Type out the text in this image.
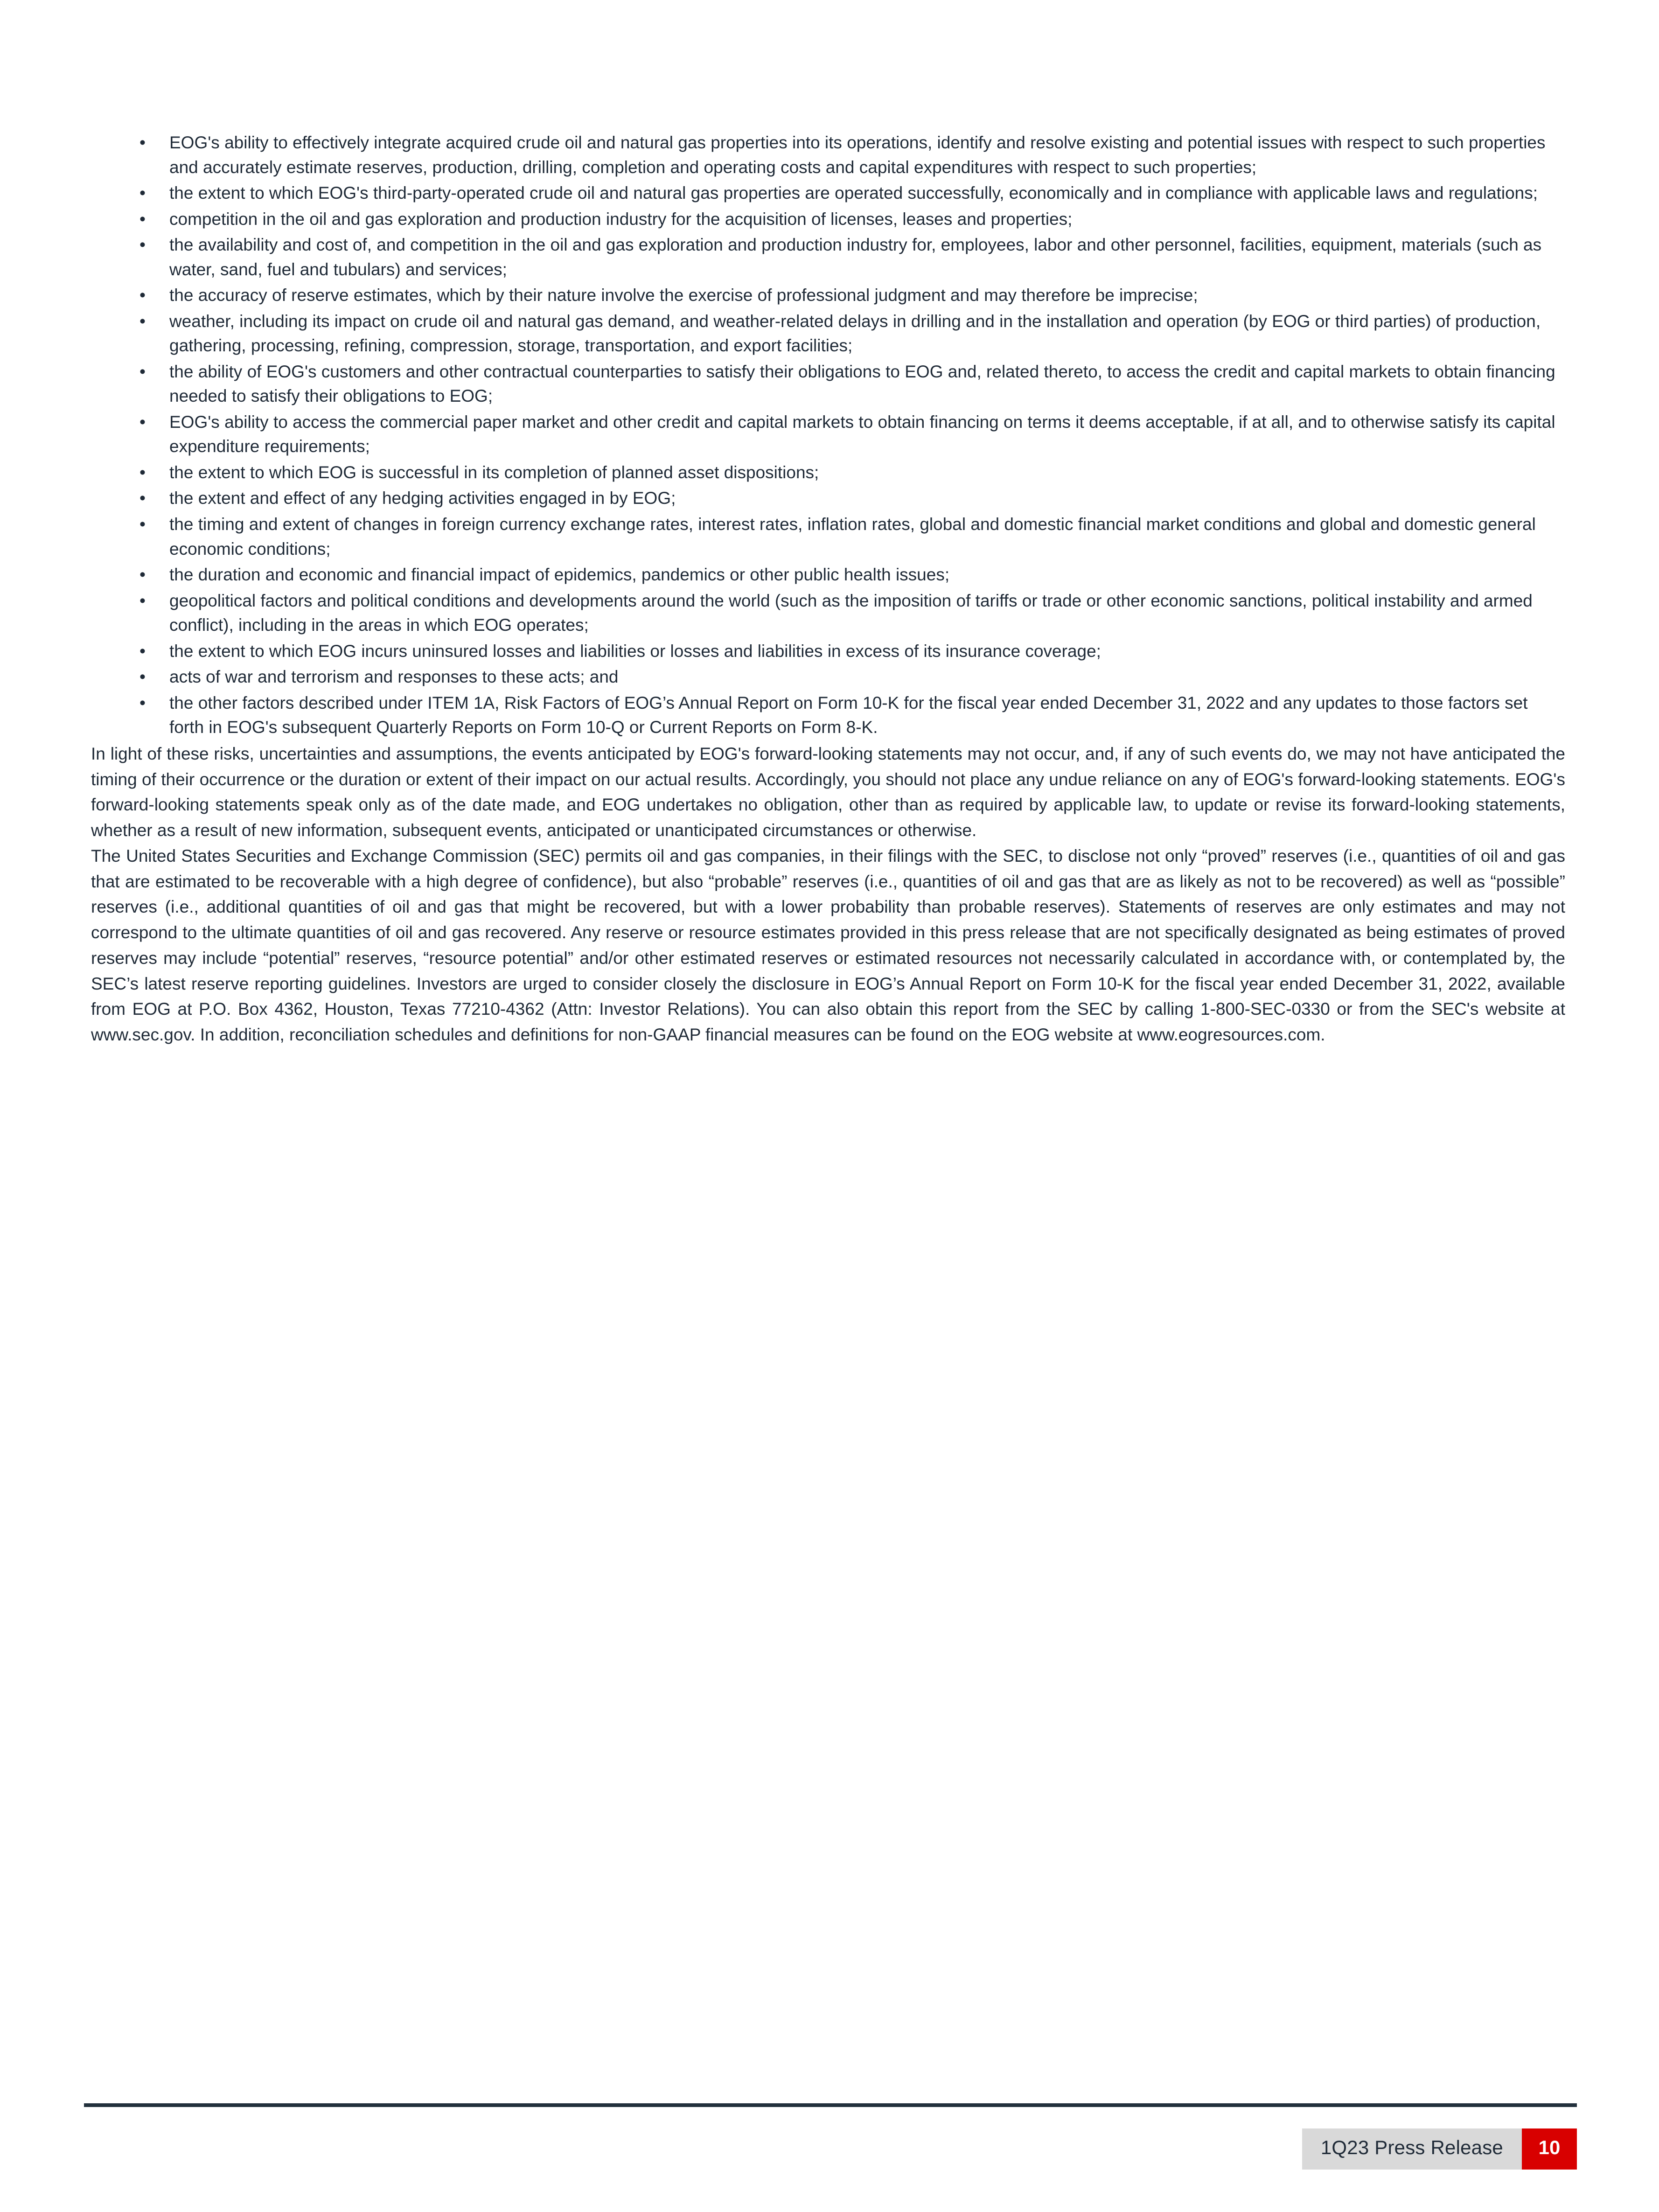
• EOG's ability to effectively integrate acquired crude oil and natural gas properties into its operations, identify and resolve existing and potential issues with respect to such properties and accurately estimate reserves, production, drilling, completion and operating costs and capital expenditures with respect to such properties;
• the extent to which EOG's third-party-operated crude oil and natural gas properties are operated successfully, economically and in compliance with applicable laws and regulations;
• competition in the oil and gas exploration and production industry for the acquisition of licenses, leases and properties;
• the availability and cost of, and competition in the oil and gas exploration and production industry for, employees, labor and other personnel, facilities, equipment, materials (such as water, sand, fuel and tubulars) and services;
• the accuracy of reserve estimates, which by their nature involve the exercise of professional judgment and may therefore be imprecise;
• weather, including its impact on crude oil and natural gas demand, and weather-related delays in drilling and in the installation and operation (by EOG or third parties) of production, gathering, processing, refining, compression, storage, transportation, and export facilities;
• the ability of EOG's customers and other contractual counterparties to satisfy their obligations to EOG and, related thereto, to access the credit and capital markets to obtain financing needed to satisfy their obligations to EOG;
• EOG's ability to access the commercial paper market and other credit and capital markets to obtain financing on terms it deems acceptable, if at all, and to otherwise satisfy its capital expenditure requirements;
• the extent to which EOG is successful in its completion of planned asset dispositions;
• the extent and effect of any hedging activities engaged in by EOG;
• the timing and extent of changes in foreign currency exchange rates, interest rates, inflation rates, global and domestic financial market conditions and global and domestic general economic conditions;
• the duration and economic and financial impact of epidemics, pandemics or other public health issues;
• geopolitical factors and political conditions and developments around the world (such as the imposition of tariffs or trade or other economic sanctions, political instability and armed conflict), including in the areas in which EOG operates;
• the extent to which EOG incurs uninsured losses and liabilities or losses and liabilities in excess of its insurance coverage;
• acts of war and terrorism and responses to these acts; and
• the other factors described under ITEM 1A, Risk Factors of EOG’s Annual Report on Form 10-K for the fiscal year ended December 31, 2022 and any updates to those factors set forth in EOG's subsequent Quarterly Reports on Form 10-Q or Current Reports on Form 8-K.

In light of these risks, uncertainties and assumptions, the events anticipated by EOG's forward-looking statements may not occur, and, if any of such events do, we may not have anticipated the timing of their occurrence or the duration or extent of their impact on our actual results. Accordingly, you should not place any undue reliance on any of EOG's forward-looking statements. EOG's forward-looking statements speak only as of the date made, and EOG undertakes no obligation, other than as required by applicable law, to update or revise its forward-looking statements, whether as a result of new information, subsequent events, anticipated or unanticipated circumstances or otherwise.

The United States Securities and Exchange Commission (SEC) permits oil and gas companies, in their filings with the SEC, to disclose not only “proved” reserves (i.e., quantities of oil and gas that are estimated to be recoverable with a high degree of confidence), but also “probable” reserves (i.e., quantities of oil and gas that are as likely as not to be recovered) as well as “possible” reserves (i.e., additional quantities of oil and gas that might be recovered, but with a lower probability than probable reserves). Statements of reserves are only estimates and may not correspond to the ultimate quantities of oil and gas recovered. Any reserve or resource estimates provided in this press release that are not specifically designated as being estimates of proved reserves may include “potential” reserves, “resource potential” and/or other estimated reserves or estimated resources not necessarily calculated in accordance with, or contemplated by, the SEC’s latest reserve reporting guidelines. Investors are urged to consider closely the disclosure in EOG’s Annual Report on Form 10-K for the fiscal year ended December 31, 2022, available from EOG at P.O. Box 4362, Houston, Texas 77210-4362 (Attn: Investor Relations). You can also obtain this report from the SEC by calling 1-800-SEC-0330 or from the SEC's website at www.sec.gov. In addition, reconciliation schedules and definitions for non-GAAP financial measures can be found on the EOG website at www.eogresources.com.

1Q23 Press Release	10
